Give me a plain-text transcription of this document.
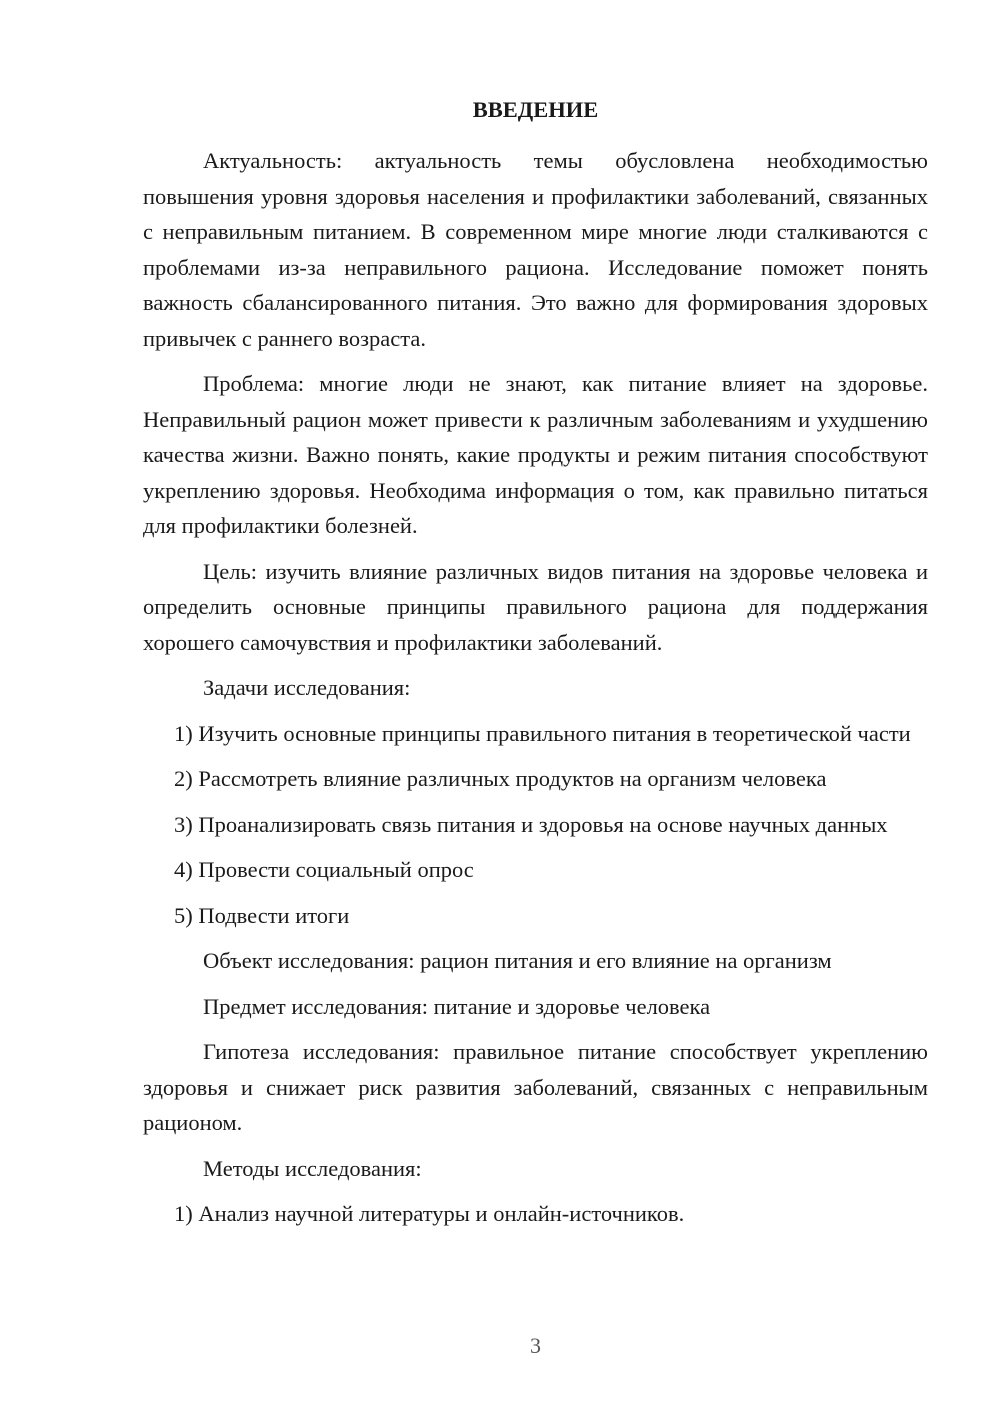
ВВЕДЕНИЕ

Актуальность: актуальность темы обусловлена необходимостью повышения уровня здоровья населения и профилактики заболеваний, связанных с неправильным питанием. В современном мире многие люди сталкиваются с проблемами из-за неправильного рациона. Исследование поможет понять важность сбалансированного питания. Это важно для формирования здоровых привычек с раннего возраста.

Проблема: многие люди не знают, как питание влияет на здоровье. Неправильный рацион может привести к различным заболеваниям и ухудшению качества жизни. Важно понять, какие продукты и режим питания способствуют укреплению здоровья. Необходима информация о том, как правильно питаться для профилактики болезней.

Цель: изучить влияние различных видов питания на здоровье человека и определить основные принципы правильного рациона для поддержания хорошего самочувствия и профилактики заболеваний.

Задачи исследования:

1) Изучить основные принципы правильного питания в теоретической части

2) Рассмотреть влияние различных продуктов на организм человека

3) Проанализировать связь питания и здоровья на основе научных данных

4) Провести социальный опрос

5) Подвести итоги

Объект исследования: рацион питания и его влияние на организм

Предмет исследования: питание и здоровье человека

Гипотеза исследования: правильное питание способствует укреплению здоровья и снижает риск развития заболеваний, связанных с неправильным рационом.

Методы исследования:

1) Анализ научной литературы и онлайн-источников.

3
